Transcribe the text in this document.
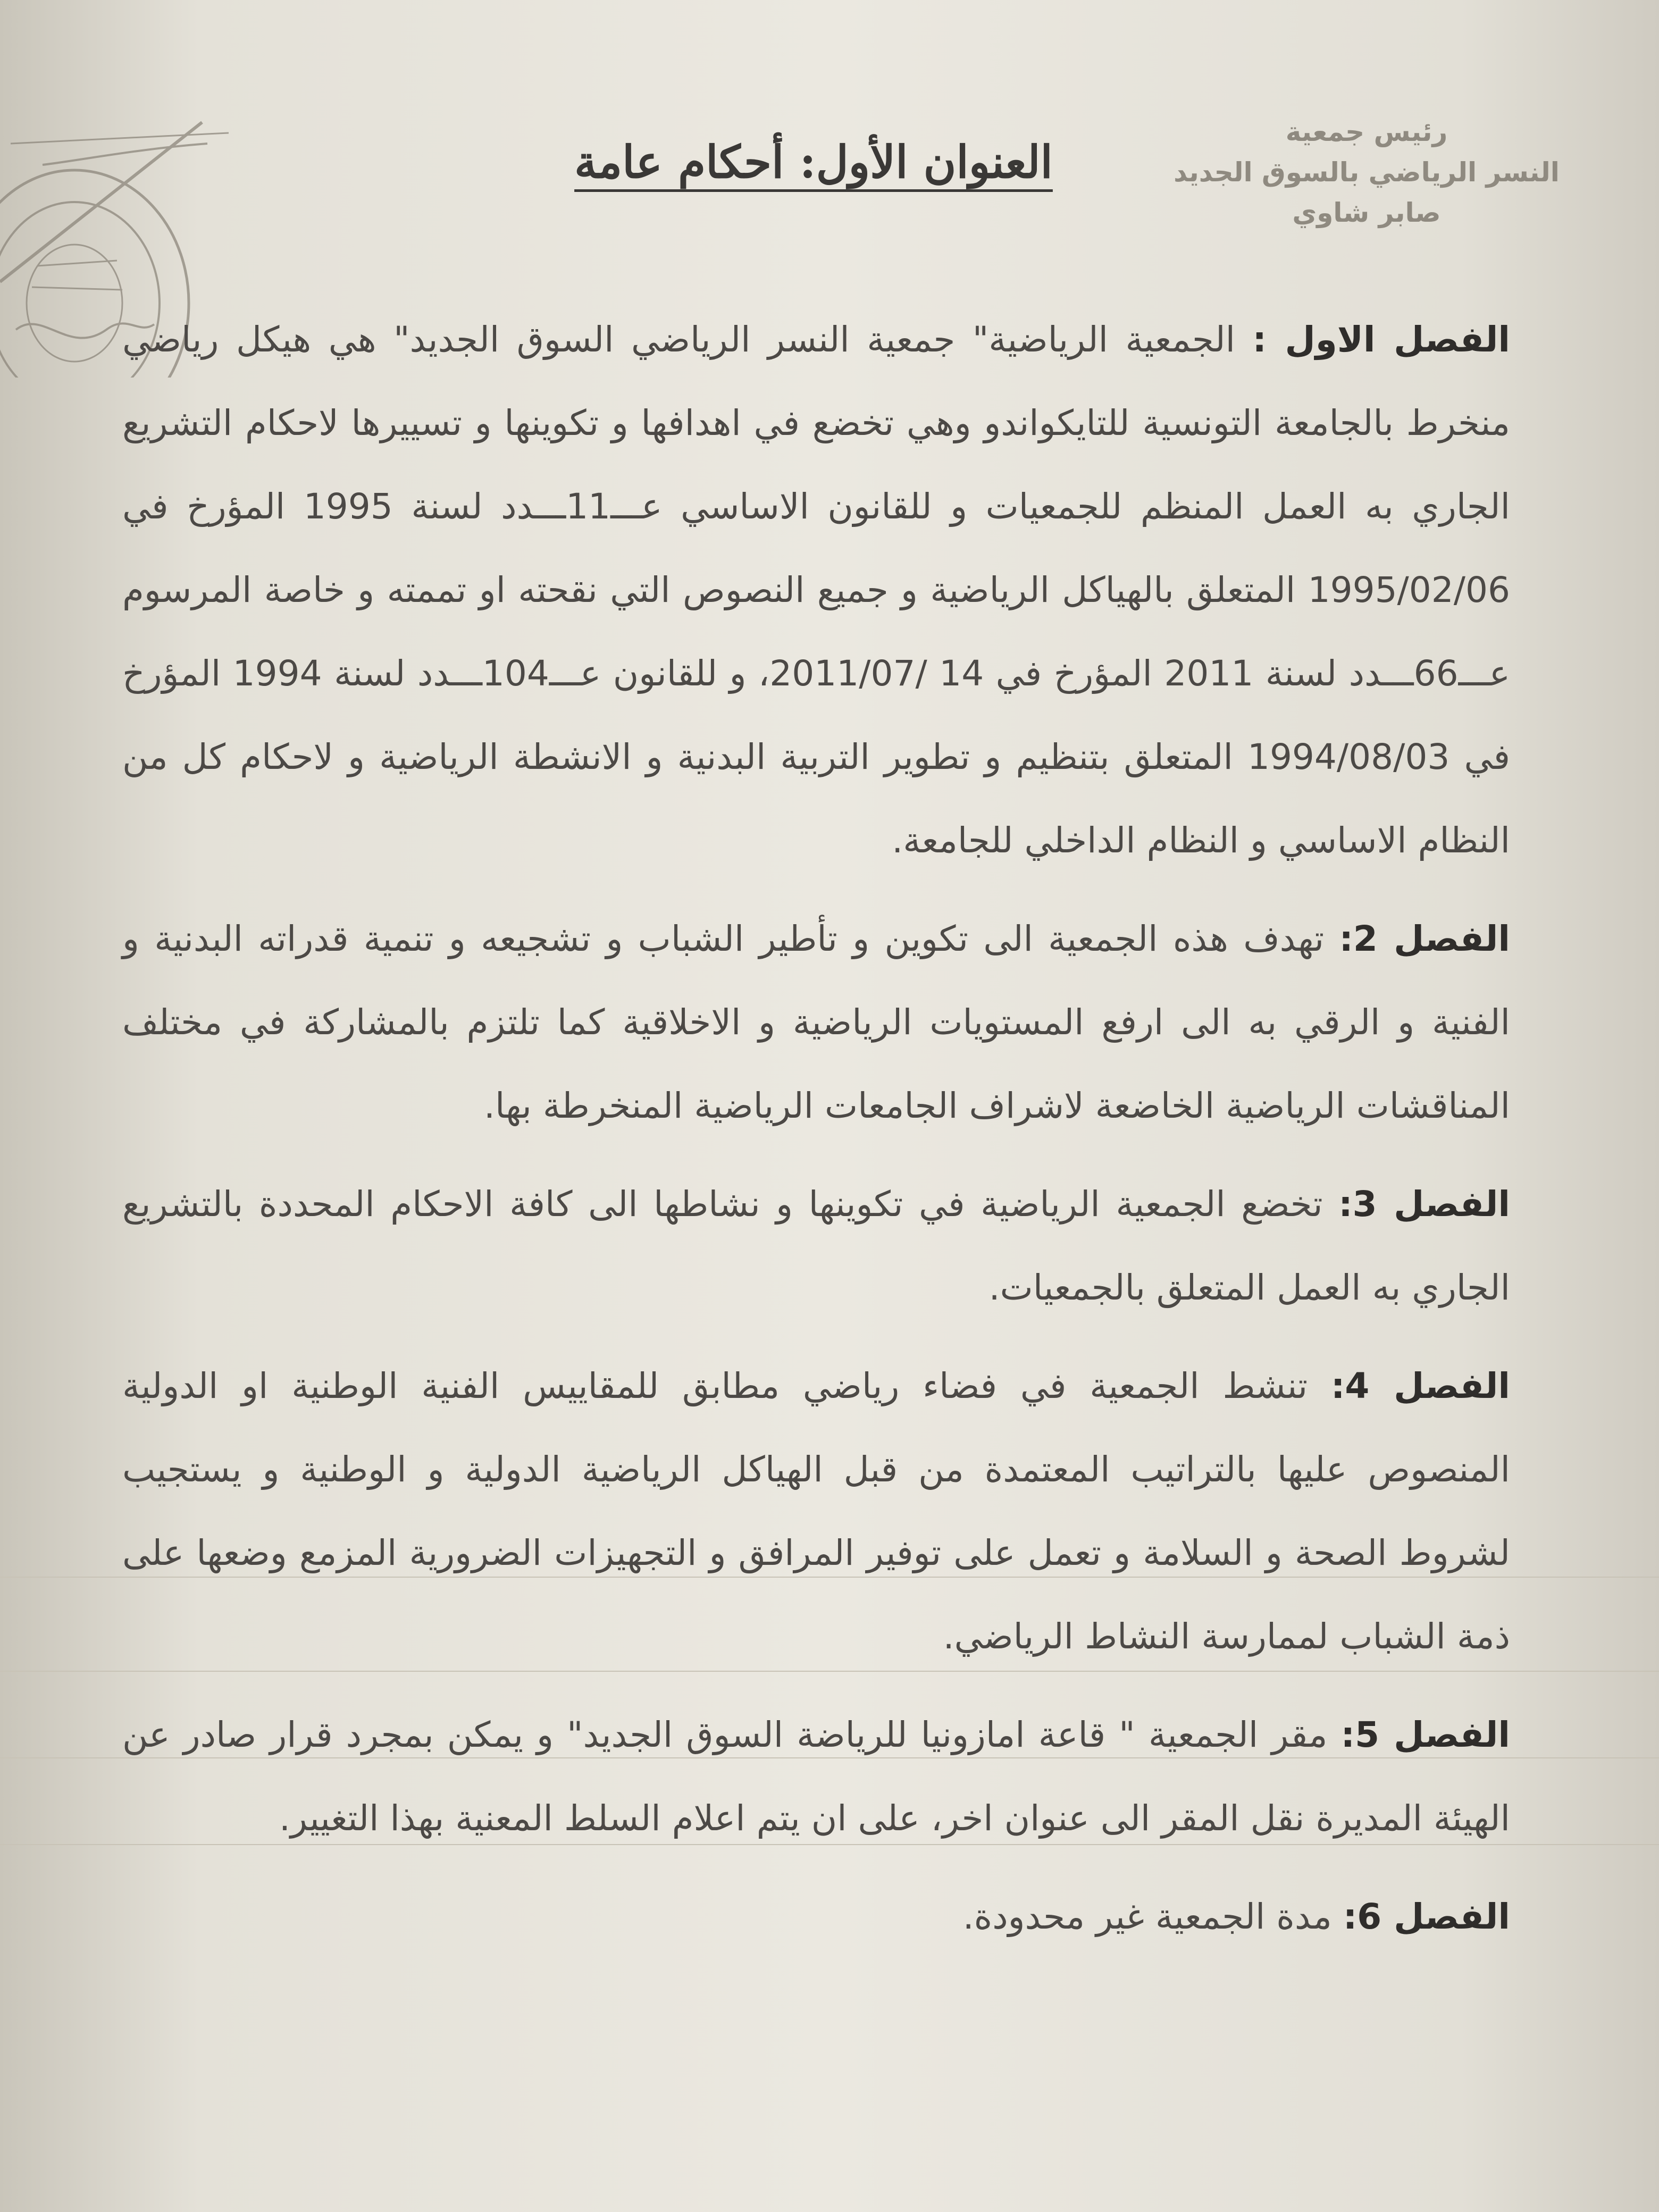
رئيس جمعية
النسر الرياضي بالسوق الجديد
صابر شاوي
العنوان الأول: أحكام عامة

الفصل الاول : الجمعية الرياضية" جمعية النسر الرياضي السوق الجديد" هي هيكل رياضي منخرط بالجامعة التونسية للتايكواندو وهي تخضع في اهدافها و تكوينها و تسييرها لاحكام التشريع الجاري به العمل المنظم للجمعيات و للقانون الاساسي عـــ11ـــدد لسنة 1995 المؤرخ في 1995/02/06 المتعلق بالهياكل الرياضية و جميع النصوص التي نقحته او تممته و خاصة المرسوم عـــ66ـــدد لسنة 2011 المؤرخ في 14 /2011/07، و للقانون عـــ104ـــدد لسنة 1994 المؤرخ في 1994/08/03 المتعلق بتنظيم و تطوير التربية البدنية و الانشطة الرياضية و لاحكام كل من النظام الاساسي و النظام الداخلي للجامعة.

الفصل 2: تهدف هذه الجمعية الى تكوين و تأطير الشباب و تشجيعه و تنمية قدراته البدنية و الفنية و الرقي به الى ارفع المستويات الرياضية و الاخلاقية كما تلتزم بالمشاركة في مختلف المناقشات الرياضية الخاضعة لاشراف الجامعات الرياضية المنخرطة بها.

الفصل 3: تخضع الجمعية الرياضية في تكوينها و نشاطها الى كافة الاحكام المحددة بالتشريع الجاري به العمل المتعلق بالجمعيات.

الفصل 4: تنشط الجمعية في فضاء رياضي مطابق للمقاييس الفنية الوطنية او الدولية المنصوص عليها بالتراتيب المعتمدة من قبل الهياكل الرياضية الدولية و الوطنية و يستجيب لشروط الصحة و السلامة و تعمل على توفير المرافق و التجهيزات الضرورية المزمع وضعها على ذمة الشباب لممارسة النشاط الرياضي.

الفصل 5: مقر الجمعية " قاعة امازونيا للرياضة السوق الجديد" و يمكن بمجرد قرار صادر عن الهيئة المديرة نقل المقر الى عنوان اخر، على ان يتم اعلام السلط المعنية بهذا التغيير.

الفصل 6: مدة الجمعية غير محدودة.
